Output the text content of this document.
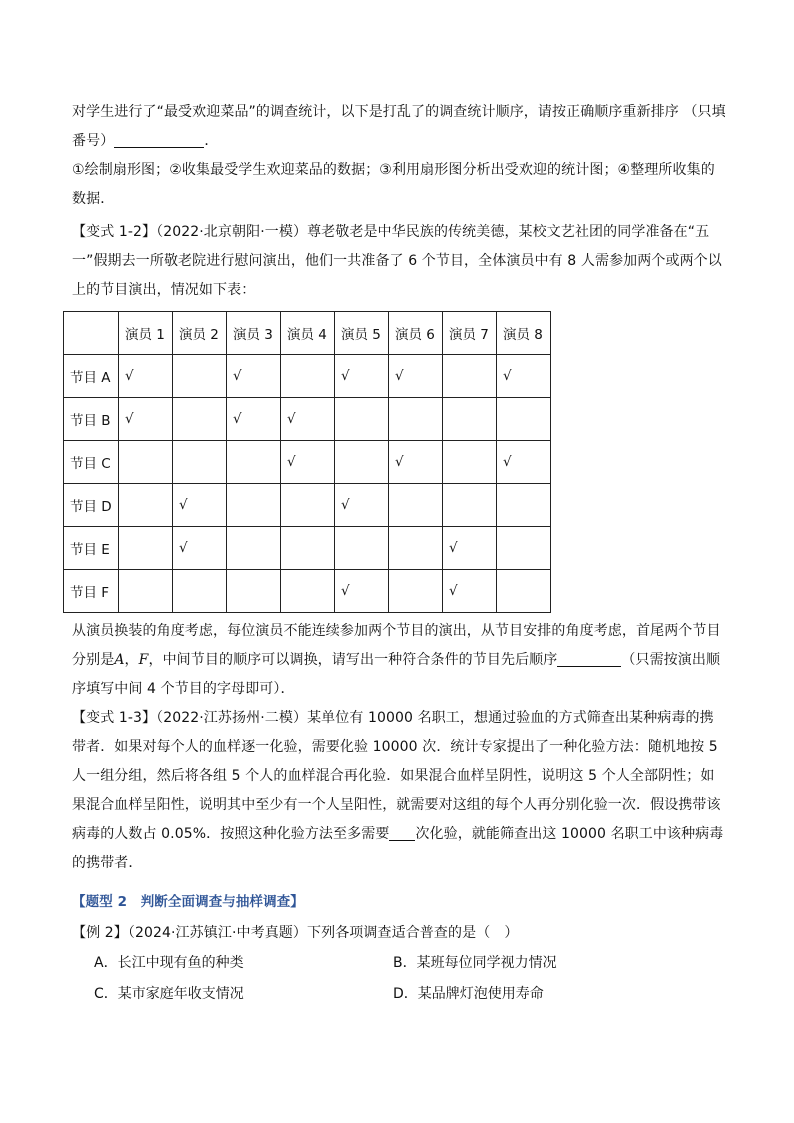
对学生进行了“最受欢迎菜品”的调查统计，以下是打乱了的调查统计顺序，请按正确顺序重新排序 （只填番号）	．

①绘制扇形图；②收集最受学生欢迎菜品的数据；③利用扇形图分析出受欢迎的统计图；④整理所收集的数据．

【变式 1-2】（2022·北京朝阳·一模）尊老敬老是中华民族的传统美德，某校文艺社团的同学准备在“五一”假期去一所敬老院进行慰问演出，他们一共准备了 6 个节目，全体演员中有 8 人需参加两个或两个以上的节目演出，情况如下表：

	演员 1	演员 2	演员 3	演员 4	演员 5	演员 6	演员 7	演员 8
节目 A	√		√		√	√		√
节目 B	√		√	√				
节目 C				√		√		√
节目 D		√			√			
节目 E		√					√	
节目 F					√		√	

从演员换装的角度考虑，每位演员不能连续参加两个节目的演出，从节目安排的角度考虑，首尾两个节目分别是A，F，中间节目的顺序可以调换，请写出一种符合条件的节目先后顺序	（只需按演出顺序填写中间 4 个节目的字母即可）．

【变式 1-3】（2022·江苏扬州·二模）某单位有 10000 名职工，想通过验血的方式筛查出某种病毒的携带者．如果对每个人的血样逐一化验，需要化验 10000 次．统计专家提出了一种化验方法：随机地按 5 人一组分组，然后将各组 5 个人的血样混合再化验．如果混合血样呈阴性，说明这 5 个人全部阴性；如果混合血样呈阳性，说明其中至少有一个人呈阳性，就需要对这组的每个人再分别化验一次．假设携带该病毒的人数占 0.05%．按照这种化验方法至多需要 次化验，就能筛查出这 10000 名职工中该种病毒的携带者．

【题型 2　判断全面调查与抽样调查】

【例 2】（2024·江苏镇江·中考真题）下列各项调查适合普查的是（　）

A．长江中现有鱼的种类	B．某班每位同学视力情况
C．某市家庭年收支情况	D．某品牌灯泡使用寿命
